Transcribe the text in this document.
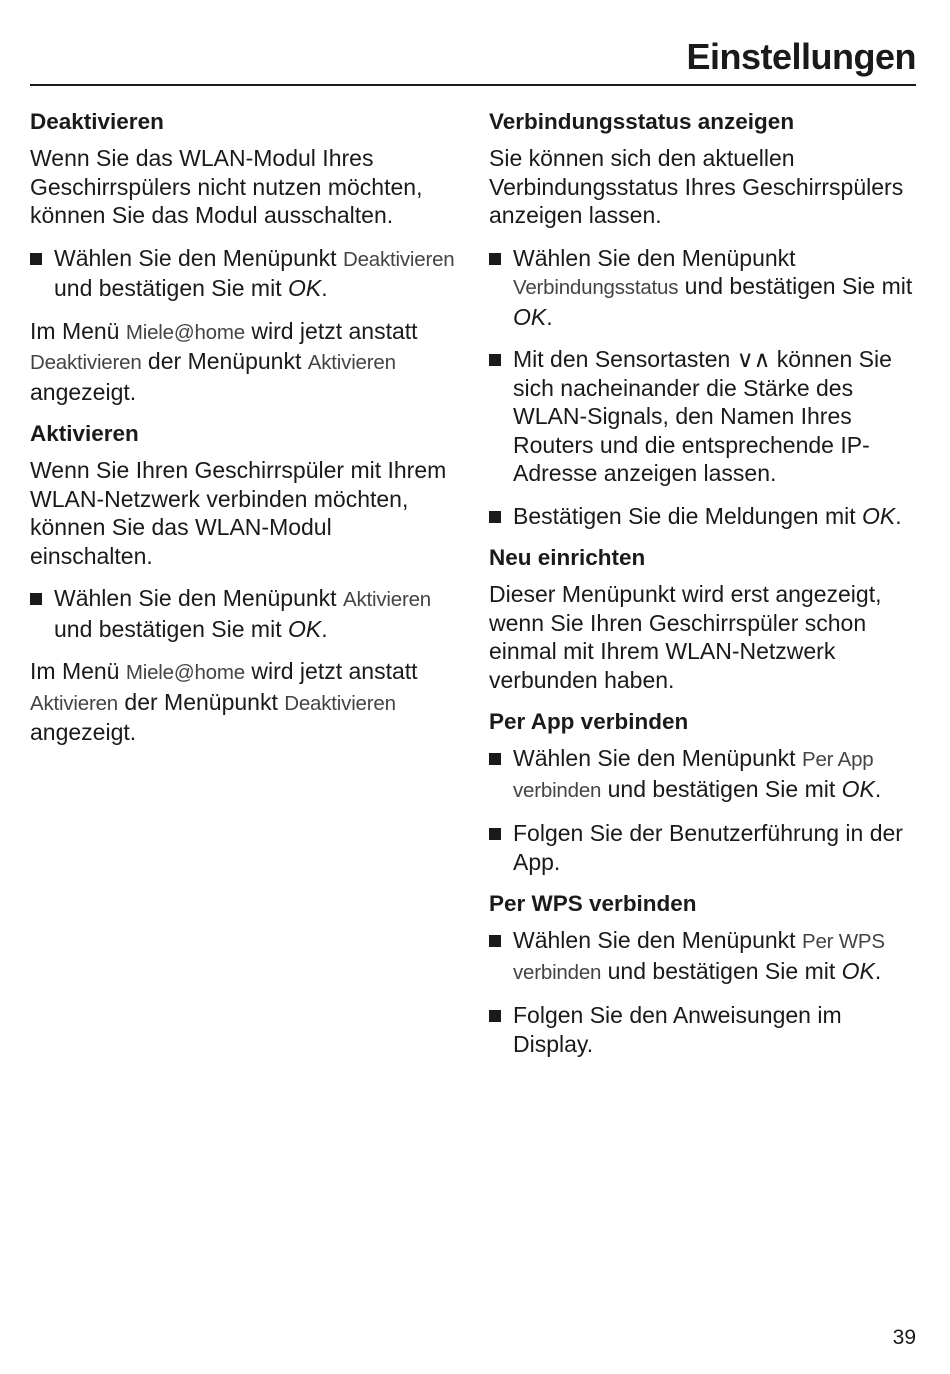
Einstellungen
Deaktivieren

Wenn Sie das WLAN-Modul Ihres Geschirrspülers nicht nutzen möchten, können Sie das Modul ausschalten.

Wählen Sie den Menüpunkt Deaktivieren und bestätigen Sie mit OK.

Im Menü Miele@home wird jetzt anstatt Deaktivieren der Menüpunkt Aktivieren angezeigt.

Aktivieren

Wenn Sie Ihren Geschirrspüler mit Ihrem WLAN-Netzwerk verbinden möchten, können Sie das WLAN-Modul einschalten.

Wählen Sie den Menüpunkt Aktivieren und bestätigen Sie mit OK.

Im Menü Miele@home wird jetzt anstatt Aktivieren der Menüpunkt Deaktivieren angezeigt.

Verbindungsstatus anzeigen

Sie können sich den aktuellen Verbindungsstatus Ihres Geschirrspülers anzeigen lassen.

Wählen Sie den Menüpunkt Verbindungsstatus und bestätigen Sie mit OK.
Mit den Sensortasten ∨∧ können Sie sich nacheinander die Stärke des WLAN-Signals, den Namen Ihres Routers und die entsprechende IP-Adresse anzeigen lassen.
Bestätigen Sie die Meldungen mit OK.
Neu einrichten

Dieser Menüpunkt wird erst angezeigt, wenn Sie Ihren Geschirrspüler schon einmal mit Ihrem WLAN-Netzwerk verbunden haben.

Per App verbinden
Wählen Sie den Menüpunkt Per App verbinden und bestätigen Sie mit OK.
Folgen Sie der Benutzerführung in der App.
Per WPS verbinden
Wählen Sie den Menüpunkt Per WPS verbinden und bestätigen Sie mit OK.
Folgen Sie den Anweisungen im Display.
39
